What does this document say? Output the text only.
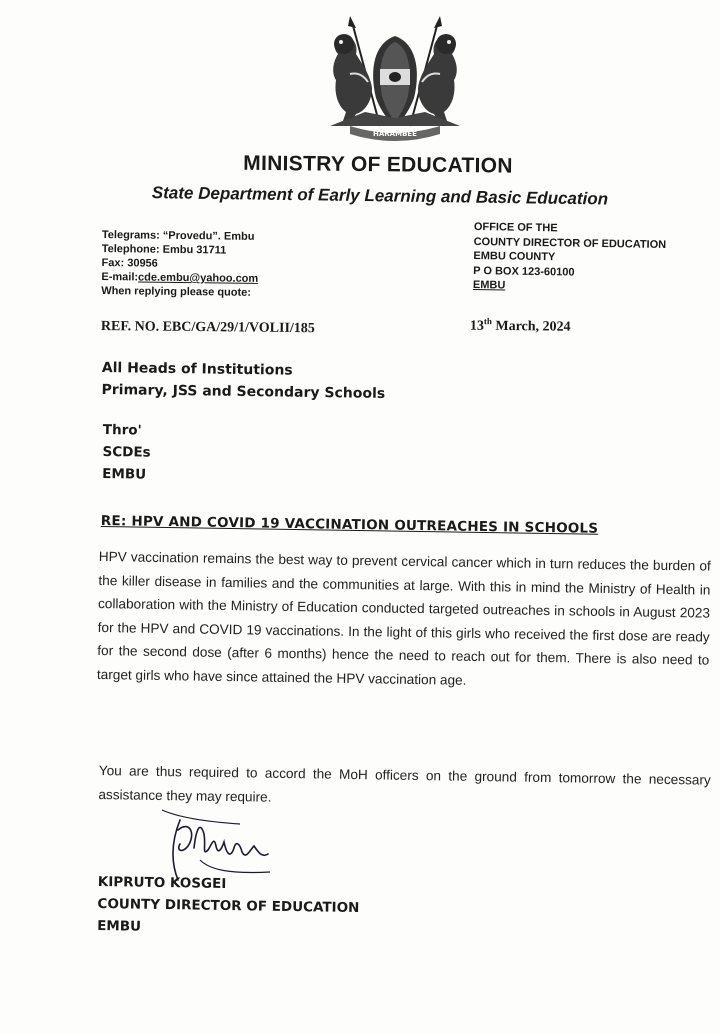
HARAMBEE
MINISTRY OF EDUCATION
State Department of Early Learning and Basic Education
Telegrams: “Provedu”. Embu
Telephone: Embu 31711
Fax: 30956
E-mail:cde.embu@yahoo.com
When replying please quote:
OFFICE OF THE
COUNTY DIRECTOR OF EDUCATION
EMBU COUNTY
P O BOX 123-60100
EMBU
REF. NO. EBC/GA/29/1/VOLII/185	13th March, 2024
All Heads of Institutions
Primary, JSS and Secondary Schools
Thro'
SCDEs
EMBU
RE: HPV AND COVID 19 VACCINATION OUTREACHES IN SCHOOLS
HPV vaccination remains the best way to prevent cervical cancer which in turn reduces the burden of the killer disease in families and the communities at large. With this in mind the Ministry of Health in collaboration with the Ministry of Education conducted targeted outreaches in schools in August 2023 for the HPV and COVID 19 vaccinations. In the light of this girls who received the first dose are ready for the second dose (after 6 months) hence the need to reach out for them. There is also need to target girls who have since attained the HPV vaccination age.
You are thus required to accord the MoH officers on the ground from tomorrow the necessary assistance they may require.
KIPRUTO KOSGEI
COUNTY DIRECTOR OF EDUCATION
EMBU
